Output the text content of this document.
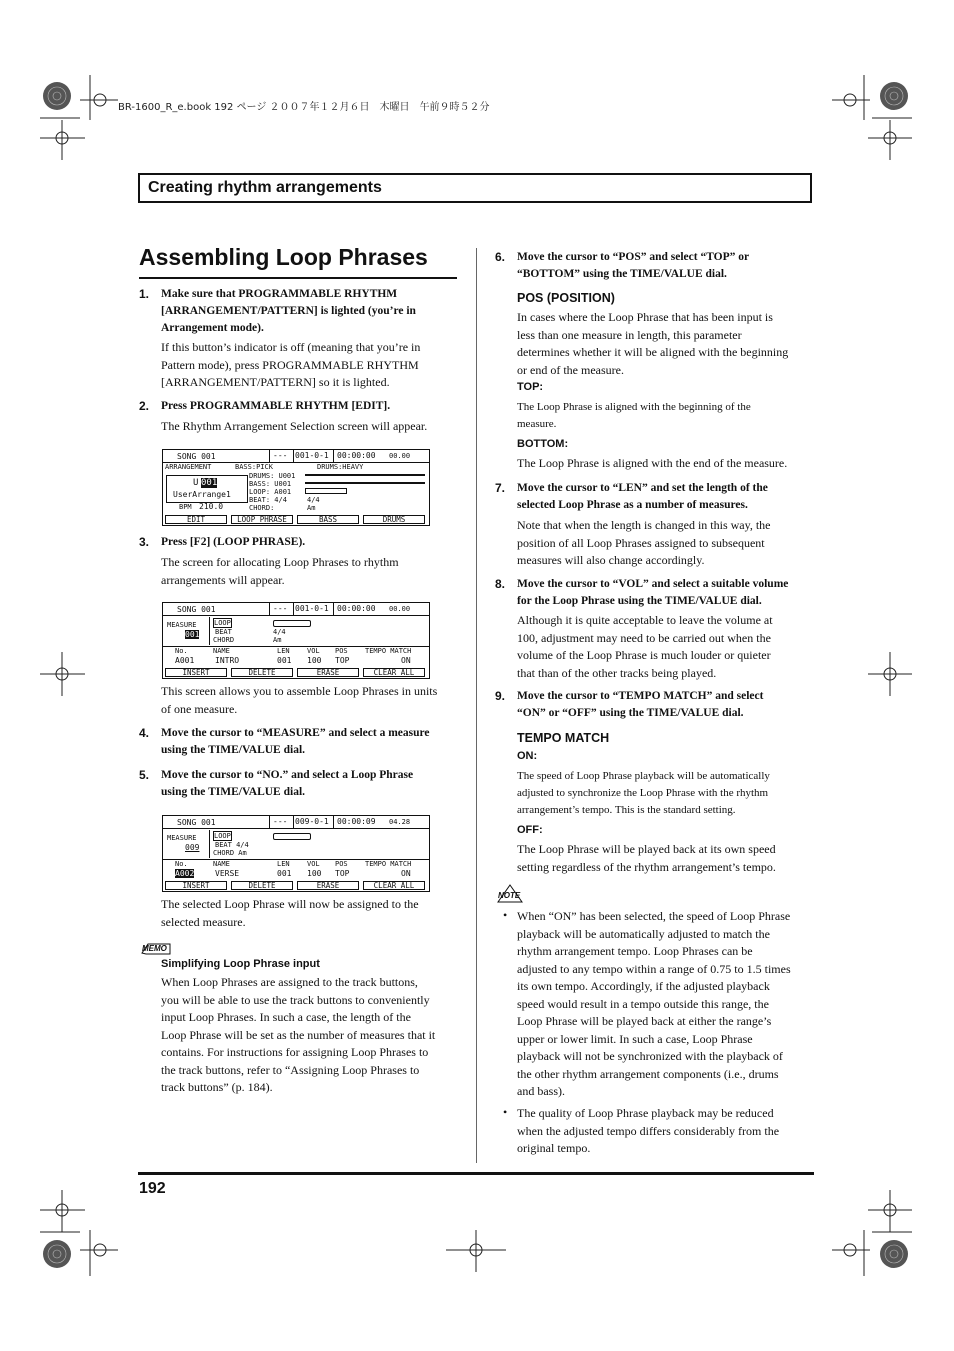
BR-1600_R_e.book 192 ページ ２００７年１２月６日　木曜日　午前９時５２分
Creating rhythm arrangements
Assembling Loop Phrases
1. Make sure that PROGRAMMABLE RHYTHM
[ARRANGEMENT/PATTERN] is lighted (you’re in
Arrangement mode).
If this button’s indicator is off (meaning that you’re in
Pattern mode), press PROGRAMMABLE RHYTHM
[ARRANGEMENT/PATTERN] so it is lighted.
2. Press PROGRAMMABLE RHYTHM [EDIT].
The Rhythm Arrangement Selection screen will appear.
SONG 001	--- 001-0-1 00:00:00 00.00
ARRANGEMENT	BASS:PICK	DRUMS:HEAVY
U 001
UserArrange1
DRUMS: U001
BASS: U001
LOOP: A001
BEAT: 4/4
CHORD:
4/4
Am
BPM 210.0
EDIT	LOOP PHRASE	BASS	DRUMS
3. Press [F2] (LOOP PHRASE).
The screen for allocating Loop Phrases to rhythm
arrangements will appear.
SONG 001	--- 001-0-1 00:00:00 00.00
MEASURE
001
LOOP
BEAT
CHORD
4/4
Am
No.	NAME	LEN VOL POS TEMPO MATCH
A001	INTRO	001 100 TOP	ON
INSERT	DELETE	ERASE	CLEAR ALL
This screen allows you to assemble Loop Phrases in units
of one measure.
4. Move the cursor to “MEASURE” and select a measure
using the TIME/VALUE dial.
5. Move the cursor to “NO.” and select a Loop Phrase
using the TIME/VALUE dial.
SONG 001	--- 009-0-1 00:00:09 04.28
MEASURE
009
LOOP
BEAT 4/4
CHORD Am
No.	NAME	LEN VOL POS TEMPO MATCH
A002	VERSE	001 100 TOP	ON
INSERT	DELETE	ERASE	CLEAR ALL
The selected Loop Phrase will now be assigned to the
selected measure.
MEMO
Simplifying Loop Phrase input
When Loop Phrases are assigned to the track buttons,
you will be able to use the track buttons to conveniently
input Loop Phrases. In such a case, the length of the
Loop Phrase will be set as the number of measures that it
contains. For instructions for assigning Loop Phrases to
the track buttons, refer to “Assigning Loop Phrases to
track buttons” (p. 184).
6. Move the cursor to “POS” and select “TOP” or
“BOTTOM” using the TIME/VALUE dial.
POS (POSITION)
In cases where the Loop Phrase that has been input is
less than one measure in length, this parameter
determines whether it will be aligned with the beginning
or end of the measure.
TOP:
The Loop Phrase is aligned with the beginning of the
measure.
BOTTOM:
The Loop Phrase is aligned with the end of the measure.
7. Move the cursor to “LEN” and set the length of the
selected Loop Phrase as a number of measures.
Note that when the length is changed in this way, the
position of all Loop Phrases assigned to subsequent
measures will also change accordingly.
8. Move the cursor to “VOL” and select a suitable volume
for the Loop Phrase using the TIME/VALUE dial.
Although it is quite acceptable to leave the volume at
100, adjustment may need to be carried out when the
volume of the Loop Phrase is much louder or quieter
that than of the other tracks being played.
9. Move the cursor to “TEMPO MATCH” and select
“ON” or “OFF” using the TIME/VALUE dial.
TEMPO MATCH
ON:
The speed of Loop Phrase playback will be automatically
adjusted to synchronize the Loop Phrase with the rhythm
arrangement’s tempo. This is the standard setting.
OFF:
The Loop Phrase will be played back at its own speed
setting regardless of the rhythm arrangement’s tempo.
NOTE
• When “ON” has been selected, the speed of Loop Phrase
playback will be automatically adjusted to match the
rhythm arrangement tempo. Loop Phrases can be
adjusted to any tempo within a range of 0.75 to 1.5 times
its own tempo. Accordingly, if the adjusted playback
speed would result in a tempo outside this range, the
Loop Phrase will be played back at either the range’s
upper or lower limit. In such a case, Loop Phrase
playback will not be synchronized with the playback of
the other rhythm arrangement components (i.e., drums
and bass).
• The quality of Loop Phrase playback may be reduced
when the adjusted tempo differs considerably from the
original tempo.
192
